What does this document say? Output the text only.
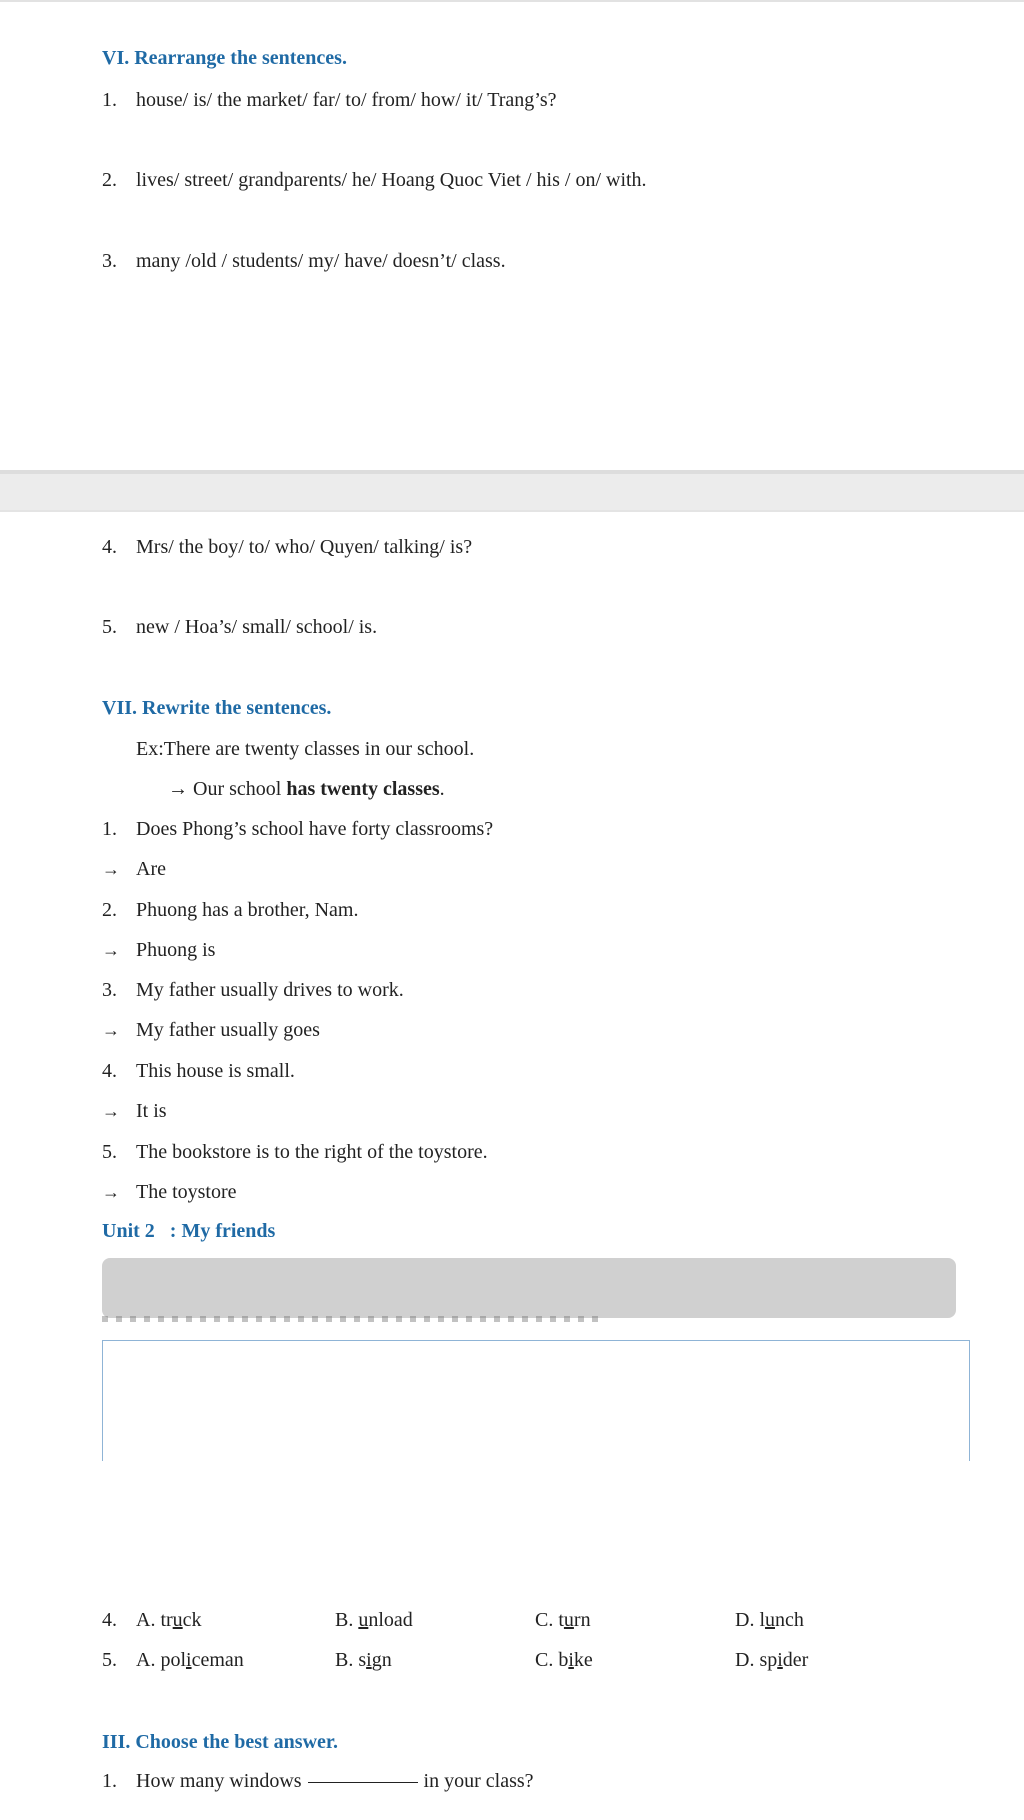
VI. Rearrange the sentences.
1. house/ is/ the market/ far/ to/ from/ how/ it/ Trang’s?
2. lives/ street/ grandparents/ he/ Hoang Quoc Viet / his / on/ with.
3. many /old / students/ my/ have/ doesn’t/ class.
4. Mrs/ the boy/ to/ who/ Quyen/ talking/ is?
5. new / Hoa’s/ small/ school/ is.
VII. Rewrite the sentences.
Ex:There are twenty classes in our school.
→ Our school has twenty classes.
1. Does Phong’s school have forty classrooms?
→ Are
2. Phuong has a brother, Nam.
→ Phuong is
3. My father usually drives to work.
→ My father usually goes
4. This house is small.
→ It is
5. The bookstore is to the right of the toystore.
→ The toystore
Unit 2   : My friends
4. A. truck	B. unload	C. turn	D. lunch
5. A. policeman	B. sign	C. bike	D. spider
III. Choose the best answer.
1. How many windows	in your class?
